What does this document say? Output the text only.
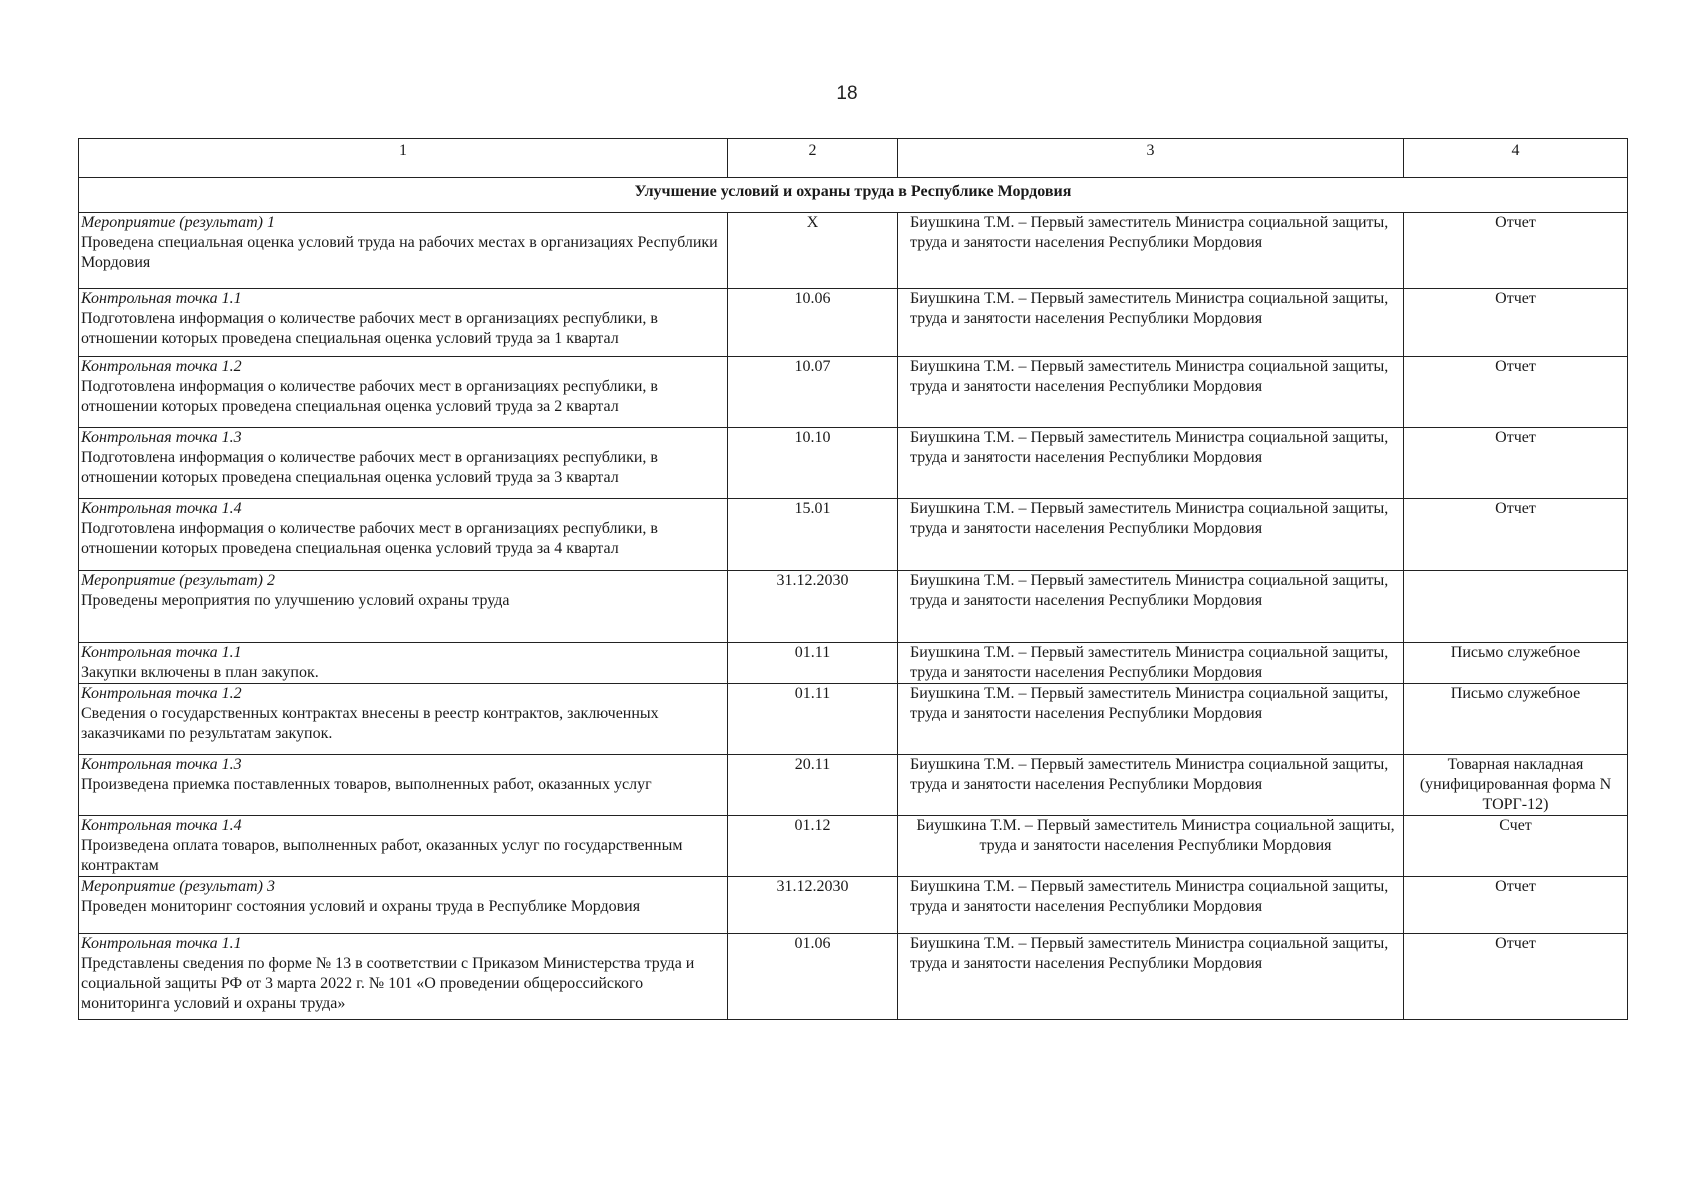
18
1	2	3	4
Улучшение условий и охраны труда в Республике Мордовия			

Мероприятие (результат) 1
Проведена специальная оценка условий труда на рабочих местах в организациях Республики Мордовия	X	Биушкина Т.М. – Первый заместитель Министра социальной защиты, труда и занятости населения Республики Мордовия	Отчет

Контрольная точка 1.1
Подготовлена информация о количестве рабочих мест в организациях республики, в отношении которых проведена специальная оценка условий труда за 1 квартал	10.06	Биушкина Т.М. – Первый заместитель Министра социальной защиты, труда и занятости населения Республики Мордовия	Отчет

Контрольная точка 1.2
Подготовлена информация о количестве рабочих мест в организациях республики, в отношении которых проведена специальная оценка условий труда за 2 квартал	10.07	Биушкина Т.М. – Первый заместитель Министра социальной защиты, труда и занятости населения Республики Мордовия	Отчет

Контрольная точка 1.3
Подготовлена информация о количестве рабочих мест в организациях республики, в отношении которых проведена специальная оценка условий труда за 3 квартал	10.10	Биушкина Т.М. – Первый заместитель Министра социальной защиты, труда и занятости населения Республики Мордовия	Отчет

Контрольная точка 1.4
Подготовлена информация о количестве рабочих мест в организациях республики, в отношении которых проведена специальная оценка условий труда за 4 квартал	15.01	Биушкина Т.М. – Первый заместитель Министра социальной защиты, труда и занятости населения Республики Мордовия	Отчет

Мероприятие (результат) 2
Проведены мероприятия по улучшению условий охраны труда	31.12.2030	Биушкина Т.М. – Первый заместитель Министра социальной защиты, труда и занятости населения Республики Мордовия	

Контрольная точка 1.1
Закупки включены в план закупок.	01.11	Биушкина Т.М. – Первый заместитель Министра социальной защиты, труда и занятости населения Республики Мордовия	Письмо служебное

Контрольная точка 1.2
Сведения о государственных контрактах внесены в реестр контрактов, заключенных заказчиками по результатам закупок.	01.11	Биушкина Т.М. – Первый заместитель Министра социальной защиты, труда и занятости населения Республики Мордовия	Письмо служебное

Контрольная точка 1.3
Произведена приемка поставленных товаров, выполненных работ, оказанных услуг	20.11	Биушкина Т.М. – Первый заместитель Министра социальной защиты, труда и занятости населения Республики Мордовия	Товарная накладная (унифицированная форма N ТОРГ-12)

Контрольная точка 1.4
Произведена оплата товаров, выполненных работ, оказанных услуг по государственным контрактам	01.12	Биушкина Т.М. – Первый заместитель Министра социальной защиты, труда и занятости населения Республики Мордовия	Счет

Мероприятие (результат) 3
Проведен мониторинг состояния условий и охраны труда в Республике Мордовия	31.12.2030	Биушкина Т.М. – Первый заместитель Министра социальной защиты, труда и занятости населения Республики Мордовия	Отчет

Контрольная точка 1.1
Представлены сведения по форме № 13 в соответствии с Приказом Министерства труда и социальной защиты РФ от 3 марта 2022 г. № 101 «О проведении общероссийского мониторинга условий и охраны труда»	01.06	Биушкина Т.М. – Первый заместитель Министра социальной защиты, труда и занятости населения Республики Мордовия	Отчет
